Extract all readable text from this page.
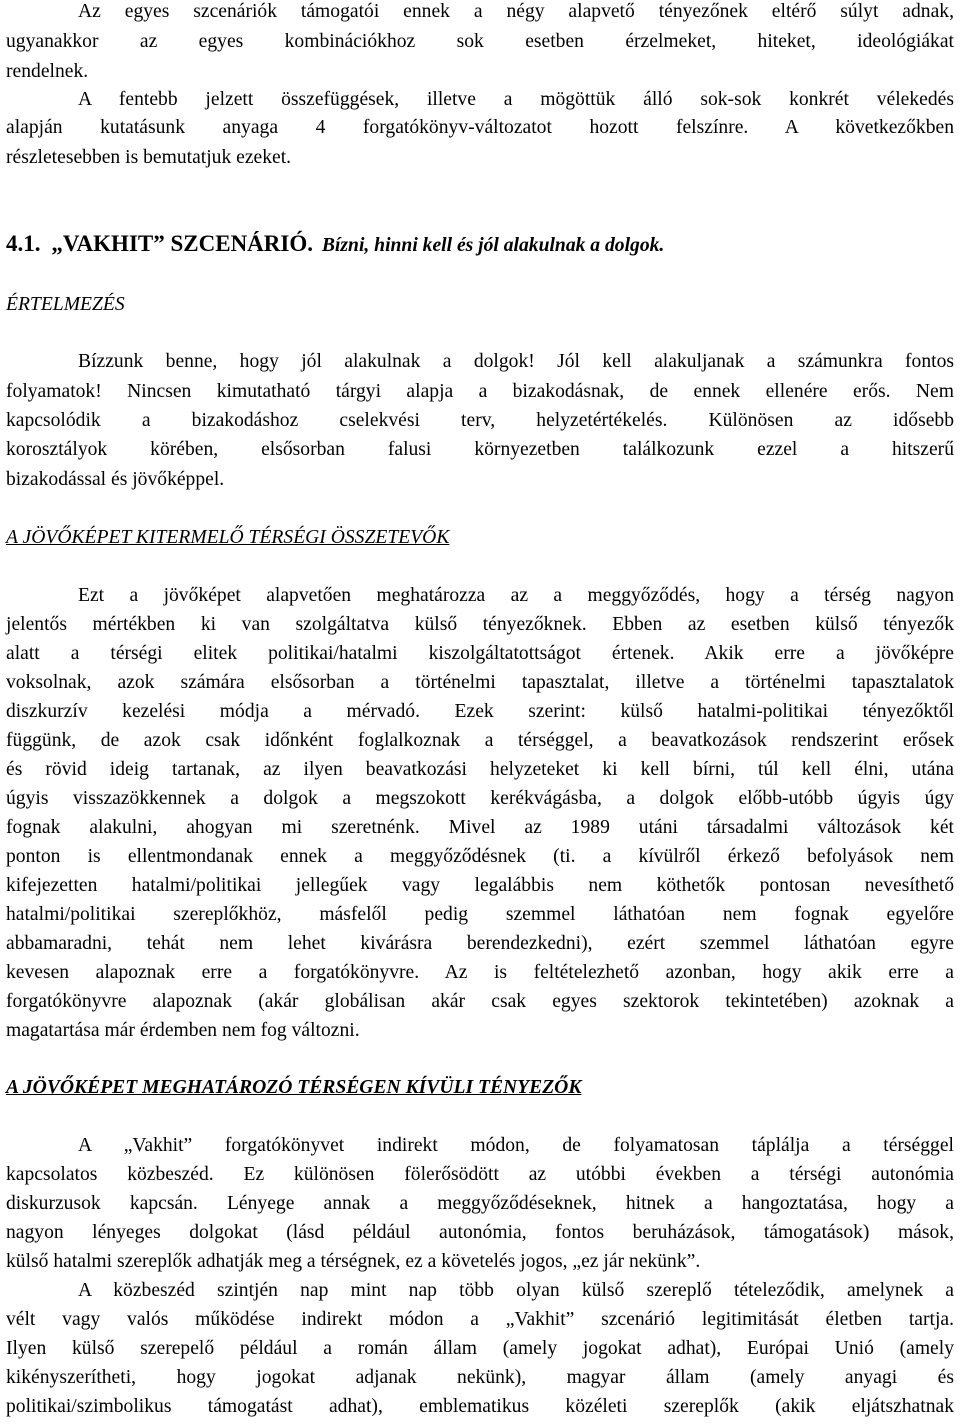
Az egyes szcenáriók támogatói ennek a négy alapvető tényezőnek eltérő súlyt adnak,
ugyanakkor az egyes kombinációkhoz sok esetben érzelmeket, hiteket, ideológiákat
rendelnek.
A fentebb jelzett összefüggések, illetve a mögöttük álló sok-sok konkrét vélekedés
alapján kutatásunk anyaga 4 forgatókönyv-változatot hozott felszínre. A következőkben
részletesebben is bemutatjuk ezeket.
4.1. „VAKHIT” SZCENÁRIÓ. Bízni, hinni kell és jól alakulnak a dolgok.
ÉRTELMEZÉS
Bízzunk benne, hogy jól alakulnak a dolgok! Jól kell alakuljanak a számunkra fontos
folyamatok! Nincsen kimutatható tárgyi alapja a bizakodásnak, de ennek ellenére erős. Nem
kapcsolódik a bizakodáshoz cselekvési terv, helyzetértékelés. Különösen az idősebb
korosztályok körében, elsősorban falusi környezetben találkozunk ezzel a hitszerű
bizakodással és jövőképpel.
A JÖVŐKÉPET KITERMELŐ TÉRSÉGI ÖSSZETEVŐK
Ezt a jövőképet alapvetően meghatározza az a meggyőződés, hogy a térség nagyon
jelentős mértékben ki van szolgáltatva külső tényezőknek. Ebben az esetben külső tényezők
alatt a térségi elitek politikai/hatalmi kiszolgáltatottságot értenek. Akik erre a jövőképre
voksolnak, azok számára elsősorban a történelmi tapasztalat, illetve a történelmi tapasztalatok
diszkurzív kezelési módja a mérvadó. Ezek szerint: külső hatalmi-politikai tényezőktől
függünk, de azok csak időnként foglalkoznak a térséggel, a beavatkozások rendszerint erősek
és rövid ideig tartanak, az ilyen beavatkozási helyzeteket ki kell bírni, túl kell élni, utána
úgyis visszazökkennek a dolgok a megszokott kerékvágásba, a dolgok előbb-utóbb úgyis úgy
fognak alakulni, ahogyan mi szeretnénk. Mivel az 1989 utáni társadalmi változások két
ponton is ellentmondanak ennek a meggyőződésnek (ti. a kívülről érkező befolyások nem
kifejezetten hatalmi/politikai jellegűek vagy legalábbis nem köthetők pontosan nevesíthető
hatalmi/politikai szereplőkhöz, másfelől pedig szemmel láthatóan nem fognak egyelőre
abbamaradni, tehát nem lehet kivárásra berendezkedni), ezért szemmel láthatóan egyre
kevesen alapoznak erre a forgatókönyvre. Az is feltételezhető azonban, hogy akik erre a
forgatókönyvre alapoznak (akár globálisan akár csak egyes szektorok tekintetében) azoknak a
magatartása már érdemben nem fog változni.
A JÖVŐKÉPET MEGHATÁROZÓ TÉRSÉGEN KÍVÜLI TÉNYEZŐK
A „Vakhit” forgatókönyvet indirekt módon, de folyamatosan táplálja a térséggel
kapcsolatos közbeszéd. Ez különösen fölerősödött az utóbbi években a térségi autonómia
diskurzusok kapcsán. Lényege annak a meggyőződéseknek, hitnek a hangoztatása, hogy a
nagyon lényeges dolgokat (lásd például autonómia, fontos beruházások, támogatások) mások,
külső hatalmi szereplők adhatják meg a térségnek, ez a követelés jogos, „ez jár nekünk”.
A közbeszéd szintjén nap mint nap több olyan külső szereplő tételeződik, amelynek a
vélt vagy valós működése indirekt módon a „Vakhit” szcenárió legitimitását életben tartja.
Ilyen külső szerepelő például a román állam (amely jogokat adhat), Európai Unió (amely
kikényszerítheti, hogy jogokat adjanak nekünk), magyar állam (amely anyagi és
politikai/szimbolikus támogatást adhat), emblematikus közéleti szereplők (akik eljátszhatnak
